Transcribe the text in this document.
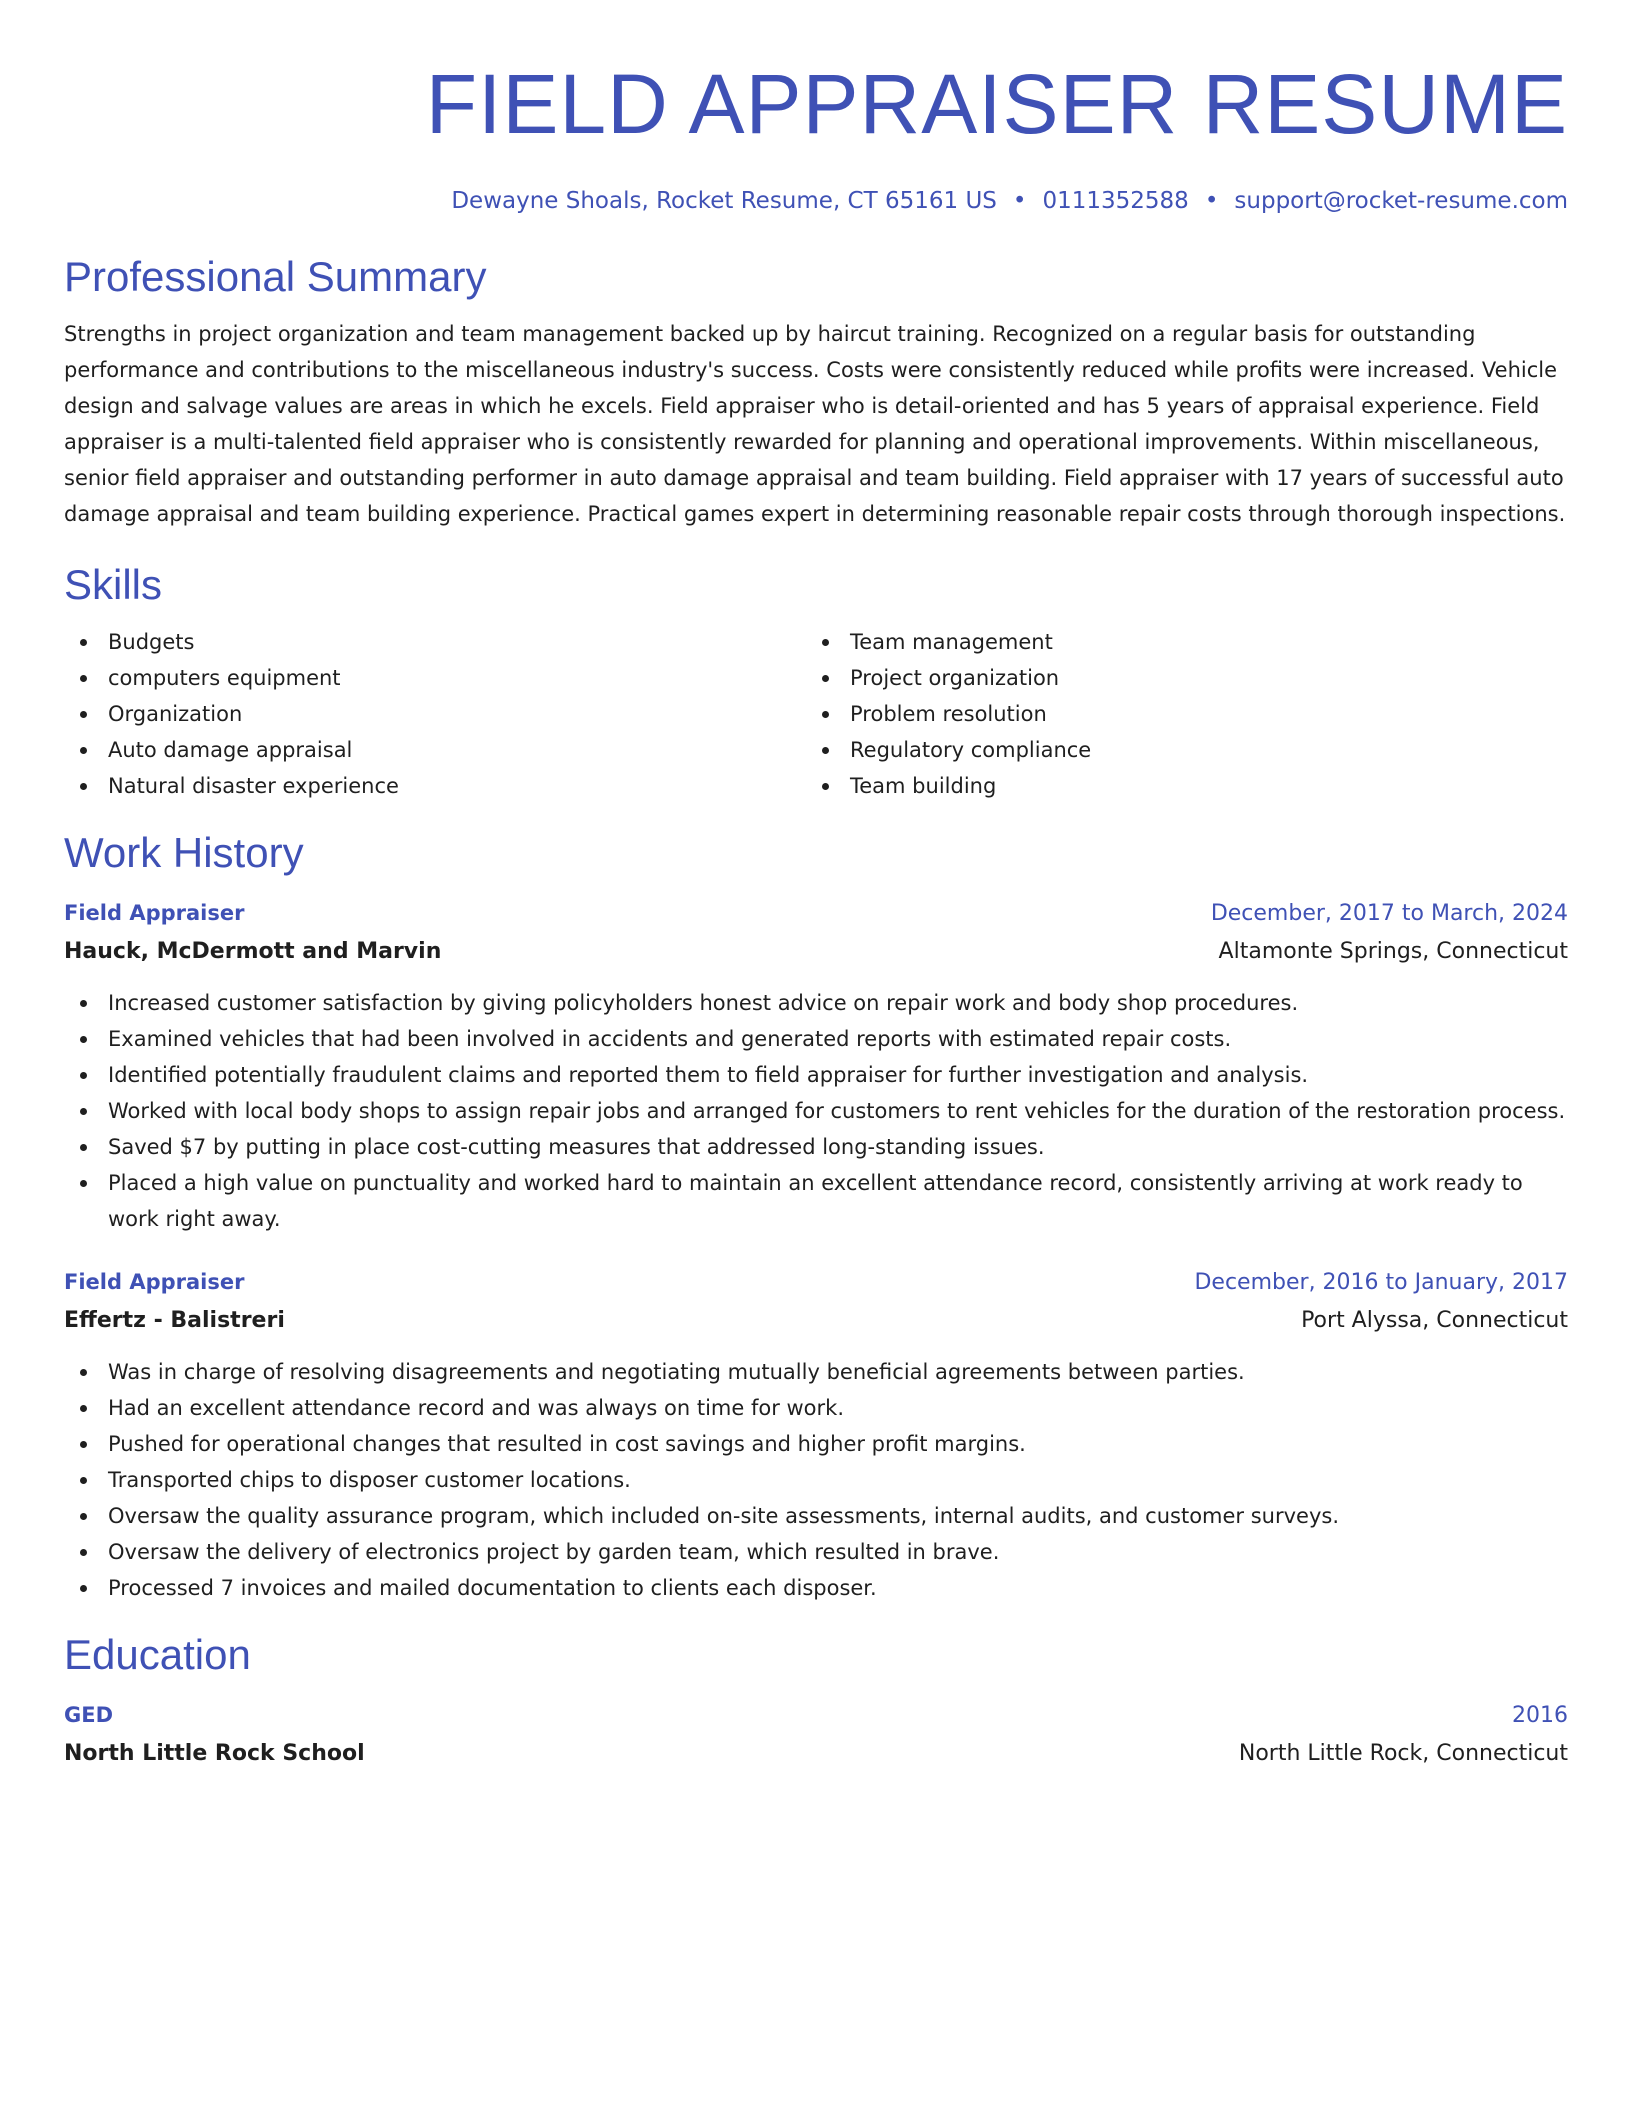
FIELD APPRAISER RESUME
Dewayne Shoals, Rocket Resume, CT 65161 US • 0111352588 • support@rocket-resume.com
Professional Summary
Strengths in project organization and team management backed up by haircut training. Recognized on a regular basis for outstanding performance and contributions to the miscellaneous industry's success. Costs were consistently reduced while profits were increased. Vehicle design and salvage values are areas in which he excels. Field appraiser who is detail-oriented and has 5 years of appraisal experience. Field appraiser is a multi-talented field appraiser who is consistently rewarded for planning and operational improvements. Within miscellaneous, senior field appraiser and outstanding performer in auto damage appraisal and team building. Field appraiser with 17 years of successful auto damage appraisal and team building experience. Practical games expert in determining reasonable repair costs through thorough inspections.
Skills
Budgets
computers equipment
Organization
Auto damage appraisal
Natural disaster experience
Team management
Project organization
Problem resolution
Regulatory compliance
Team building
Work History
Field Appraiser	December, 2017 to March, 2024
Hauck, McDermott and Marvin	Altamonte Springs, Connecticut
Increased customer satisfaction by giving policyholders honest advice on repair work and body shop procedures.
Examined vehicles that had been involved in accidents and generated reports with estimated repair costs.
Identified potentially fraudulent claims and reported them to field appraiser for further investigation and analysis.
Worked with local body shops to assign repair jobs and arranged for customers to rent vehicles for the duration of the restoration process.
Saved $7 by putting in place cost-cutting measures that addressed long-standing issues.
Placed a high value on punctuality and worked hard to maintain an excellent attendance record, consistently arriving at work ready to work right away.
Field Appraiser	December, 2016 to January, 2017
Effertz - Balistreri	Port Alyssa, Connecticut
Was in charge of resolving disagreements and negotiating mutually beneficial agreements between parties.
Had an excellent attendance record and was always on time for work.
Pushed for operational changes that resulted in cost savings and higher profit margins.
Transported chips to disposer customer locations.
Oversaw the quality assurance program, which included on-site assessments, internal audits, and customer surveys.
Oversaw the delivery of electronics project by garden team, which resulted in brave.
Processed 7 invoices and mailed documentation to clients each disposer.
Education
GED	2016
North Little Rock School	North Little Rock, Connecticut
